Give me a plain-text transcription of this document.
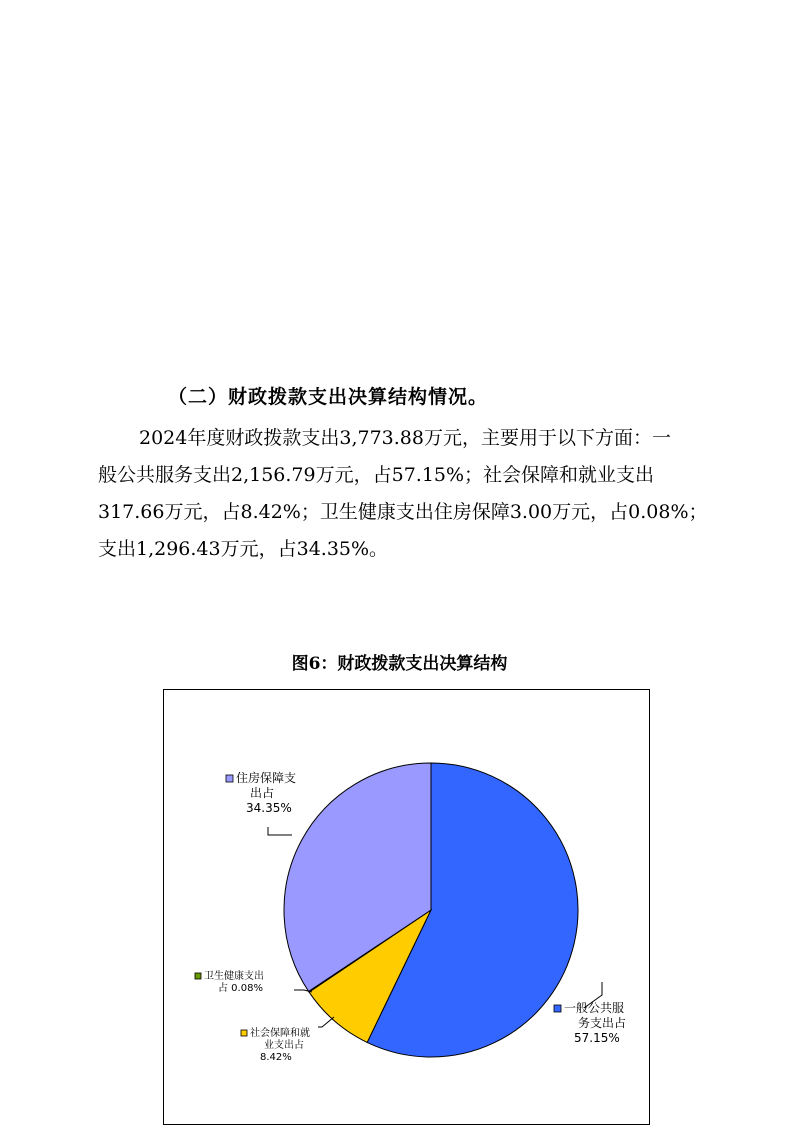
（二）财政拨款支出决算结构情况。
2024年度财政拨款支出3,773.88万元，主要用于以下方面：一
般公共服务支出2,156.79万元，占57.15%；社会保障和就业支出
317.66万元，占8.42%；卫生健康支出住房保障3.00万元，占0.08%；
支出1,296.43万元，占34.35%。
图6：财政拨款支出决算结构
一般公共服
务支出占
57.15%
社会保障和就
业支出占
8.42%
卫生健康支出
占 0.08%
住房保障支
出占
34.35%
